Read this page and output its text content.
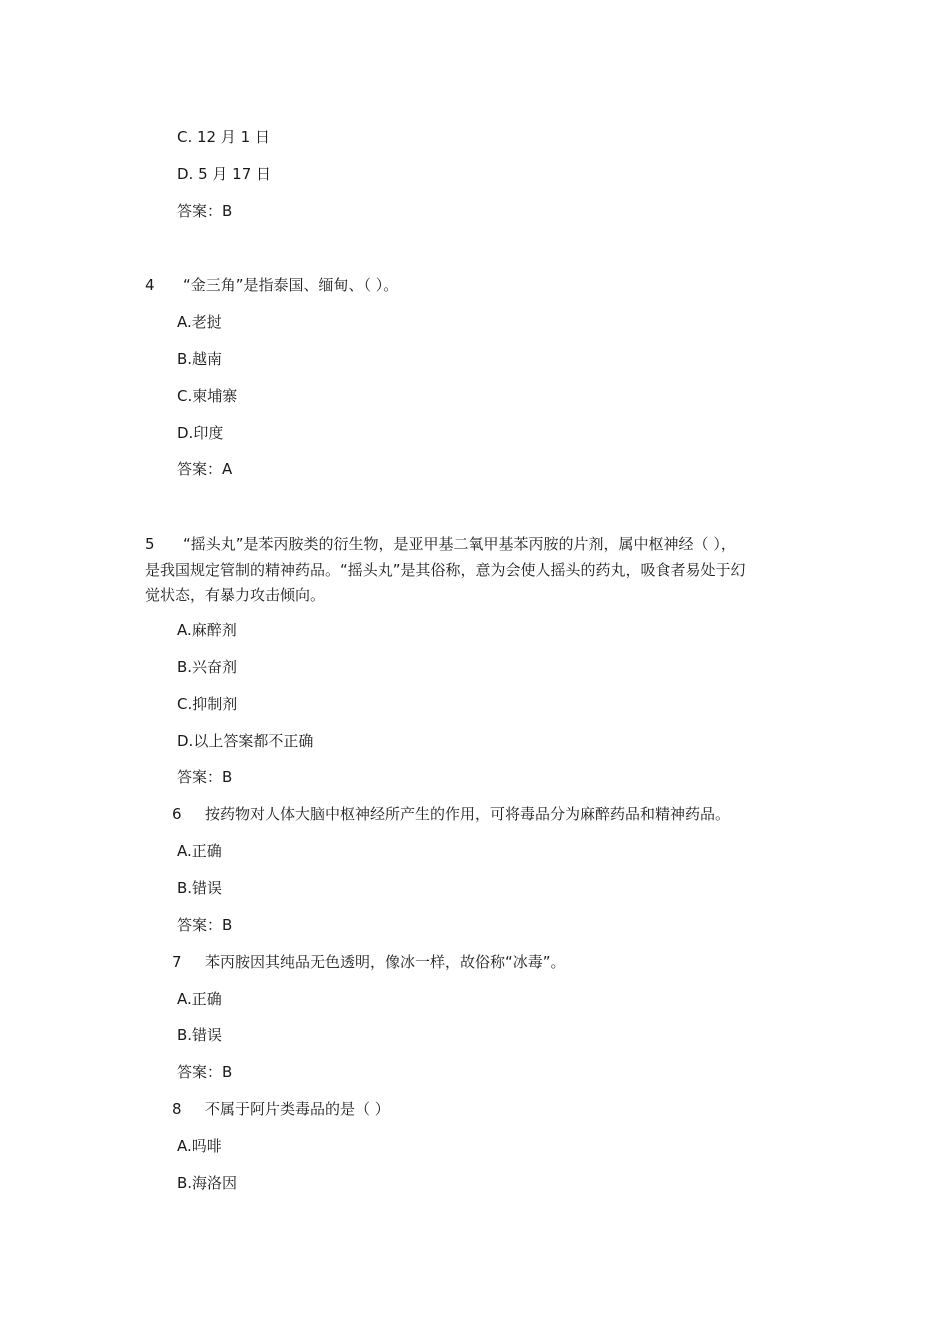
C. 12 月 1 日
D. 5 月 17 日
答案：B
4 “金三角”是指泰国、缅甸、（ ）。
A.老挝
B.越南
C.柬埔寨
D.印度
答案：A
5 “摇头丸”是苯丙胺类的衍生物，是亚甲基二氧甲基苯丙胺的片剂，属中枢神经（ ），
是我国规定管制的精神药品。“摇头丸”是其俗称，意为会使人摇头的药丸，吸食者易处于幻
觉状态，有暴力攻击倾向。
A.麻醉剂
B.兴奋剂
C.抑制剂
D.以上答案都不正确
答案：B
6 按药物对人体大脑中枢神经所产生的作用，可将毒品分为麻醉药品和精神药品。
A.正确
B.错误
答案：B
7 苯丙胺因其纯品无色透明，像冰一样，故俗称“冰毒”。
A.正确
B.错误
答案：B
8 不属于阿片类毒品的是（ ）
A.吗啡
B.海洛因
